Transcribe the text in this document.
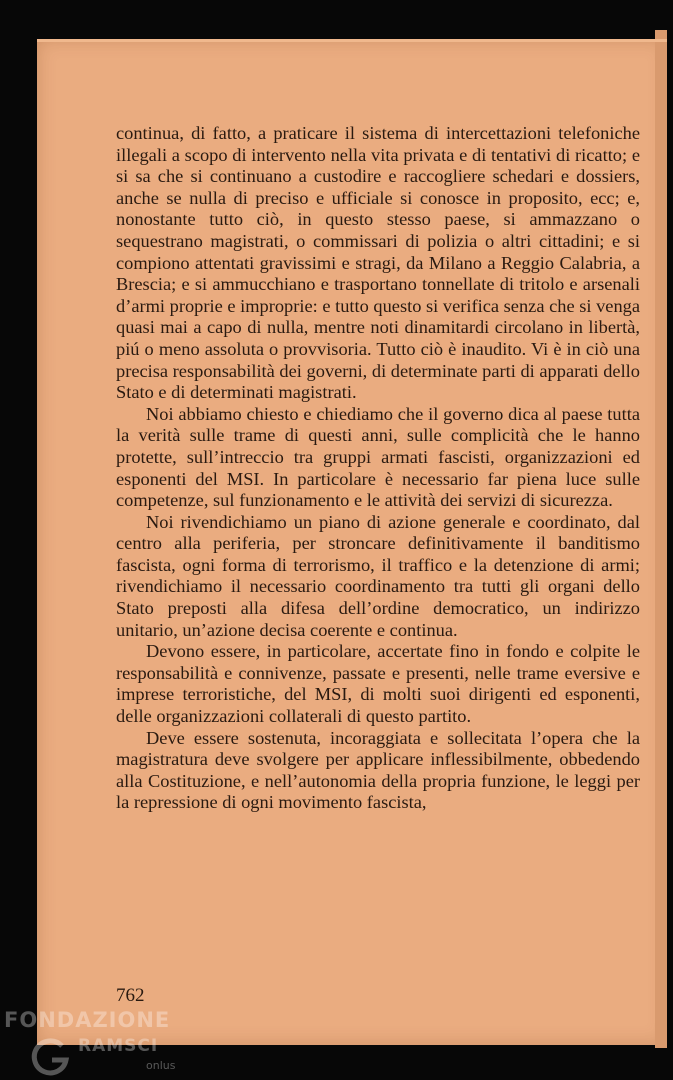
continua, di fatto, a praticare il sistema di intercettazioni telefoniche illegali a scopo di intervento nella vita privata e di tentativi di ricatto; e si sa che si continuano a custodire e raccogliere schedari e dossiers, anche se nulla di preciso e ufficiale si conosce in proposito, ecc; e, nonostante tutto ciò, in questo stesso paese, si ammazzano o sequestrano magistrati, o commissari di polizia o altri cittadini; e si compiono attentati gravissimi e stragi, da Milano a Reggio Calabria, a Brescia; e si ammucchiano e trasportano tonnellate di tritolo e arsenali d’armi proprie e improprie: e tutto questo si verifica senza che si venga quasi mai a capo di nulla, mentre noti dinamitardi circolano in libertà, piú o meno assoluta o provvisoria. Tutto ciò è inaudito. Vi è in ciò una precisa responsabilità dei governi, di determinate parti di apparati dello Stato e di determinati magistrati.

Noi abbiamo chiesto e chiediamo che il governo dica al paese tutta la verità sulle trame di questi anni, sulle complicità che le hanno protette, sull’intreccio tra gruppi armati fascisti, organizzazioni ed esponenti del MSI. In particolare è necessario far piena luce sulle competenze, sul funzionamento e le attività dei servizi di sicurezza.

Noi rivendichiamo un piano di azione generale e coordinato, dal centro alla periferia, per stroncare definitivamente il banditismo fascista, ogni forma di terrorismo, il traffico e la detenzione di armi; rivendichiamo il necessario coordinamento tra tutti gli organi dello Stato preposti alla difesa dell’ordine democratico, un indirizzo unitario, un’azione decisa coerente e continua.

Devono essere, in particolare, accertate fino in fondo e colpite le responsabilità e connivenze, passate e presenti, nelle trame eversive e imprese terroristiche, del MSI, di molti suoi dirigenti ed esponenti, delle organizzazioni collaterali di questo partito.

Deve essere sostenuta, incoraggiata e sollecitata l’opera che la magistratura deve svolgere per applicare inflessibilmente, obbedendo alla Costituzione, e nell’autonomia della propria funzione, le leggi per la repressione di ogni movimento fascista,

762
FONDAZIONE
RAMSCI
onlus
